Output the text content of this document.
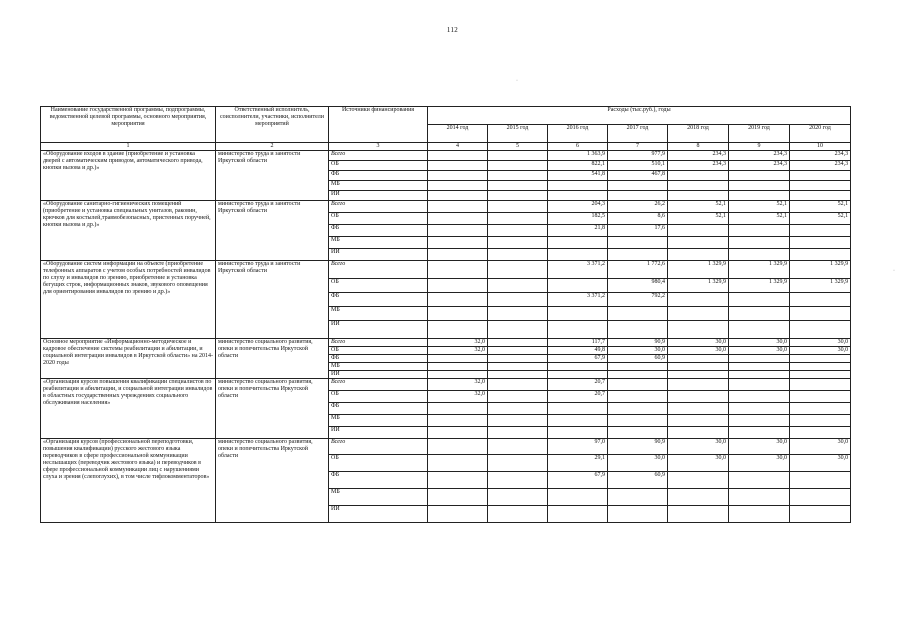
112
·
·
Наименование государственной программы, подпрограммы, ведомственной целевой программы, основного мероприятия, мероприятия	Ответственный исполнитель, соисполнители, участники, исполнители мероприятий	Источники финансирования	Расходы (тыс.руб.), годы						
			2014 год	2015 год	2016 год	2017 год	2018 год	2019 год	2020 год
1	2	3	4	5	6	7	8	9	10
«Оборудование входов в здание (приобретение и установка дверей с автоматическим приводом, автоматического привода, кнопки вызова и др.)»	министерство труда и занятости Иркутской области	Всего			1 363,9	977,9	234,3	234,3	234,3
		ОБ			822,1	510,1	234,3	234,3	234,3
		ФБ			541,8	467,8			
		МБ							
		ИИ							
«Оборудование санитарно-гигиенических помещений (приобретение и установка специальных унитазов, раковин, крючков для костылей,травмобезопасных, пристенных поручней, кнопки вызова и др.)»	министерство труда и занятости Иркутской области	Всего			204,3	26,2	52,1	52,1	52,1
		ОБ			182,5	8,6	52,1	52,1	52,1
		ФБ			21,8	17,6			
		МБ							
		ИИ							
«Оборудование систем информации на объекте (приобретение телефонных аппаратов с учетом особых потребностей инвалидов по слуху и инвалидов по зрению, приобретение и установка бегущих строк, информационных знаков, звукового оповещения для ориентирования инвалидов по зрению и др.)»	министерство труда и занятости Иркутской области	Всего			3 371,2	1 772,6	1 329,9	1 329,9	1 329,9
		ОБ				980,4	1 329,9	1 329,9	1 329,9
		ФБ			3 371,2	792,2			
		МБ							
		ИИ							
Основное мероприятие «Информационно-методическое и кадровое обеспечение системы реабилитации и абилитации, и социальной интеграции инвалидов в Иркутской области» на 2014-2020 годы	министерство социального развития, опеки и попечительства Иркутской области	Всего	32,0		117,7	90,9	30,0	30,0	30,0
		ОБ	32,0		49,8	30,0	30,0	30,0	30,0
		ФБ			67,9	60,9			
		МБ							
		ИИ							
«Организация курсов повышения квалификации специалистов по реабилитации и абилитации, и социальной интеграции инвалидов в областных государственных учреждениях социального обслуживания населения»	министерство социального развития, опеки и попечительства Иркутской области	Всего	32,0		20,7				
		ОБ	32,0		20,7				
		ФБ							
		МБ							
		ИИ							
«Организация курсов (профессиональной переподготовки, повышения квалификации) русского жестового языка переводчиков в сфере профессиональной коммуникации неслышащих (переводчик жестового языка) и переводчиков в сфере профессиональной коммуникации лиц с нарушениями слуха и зрения (слепоглухих), в том числе тифлокомментаторов»	министерство социального развития, опеки и попечительства Иркутской области	Всего			97,0	90,9	30,0	30,0	30,0
		ОБ			29,1	30,0	30,0	30,0	30,0
		ФБ			67,9	60,9			
		МБ							
		ИИ							
